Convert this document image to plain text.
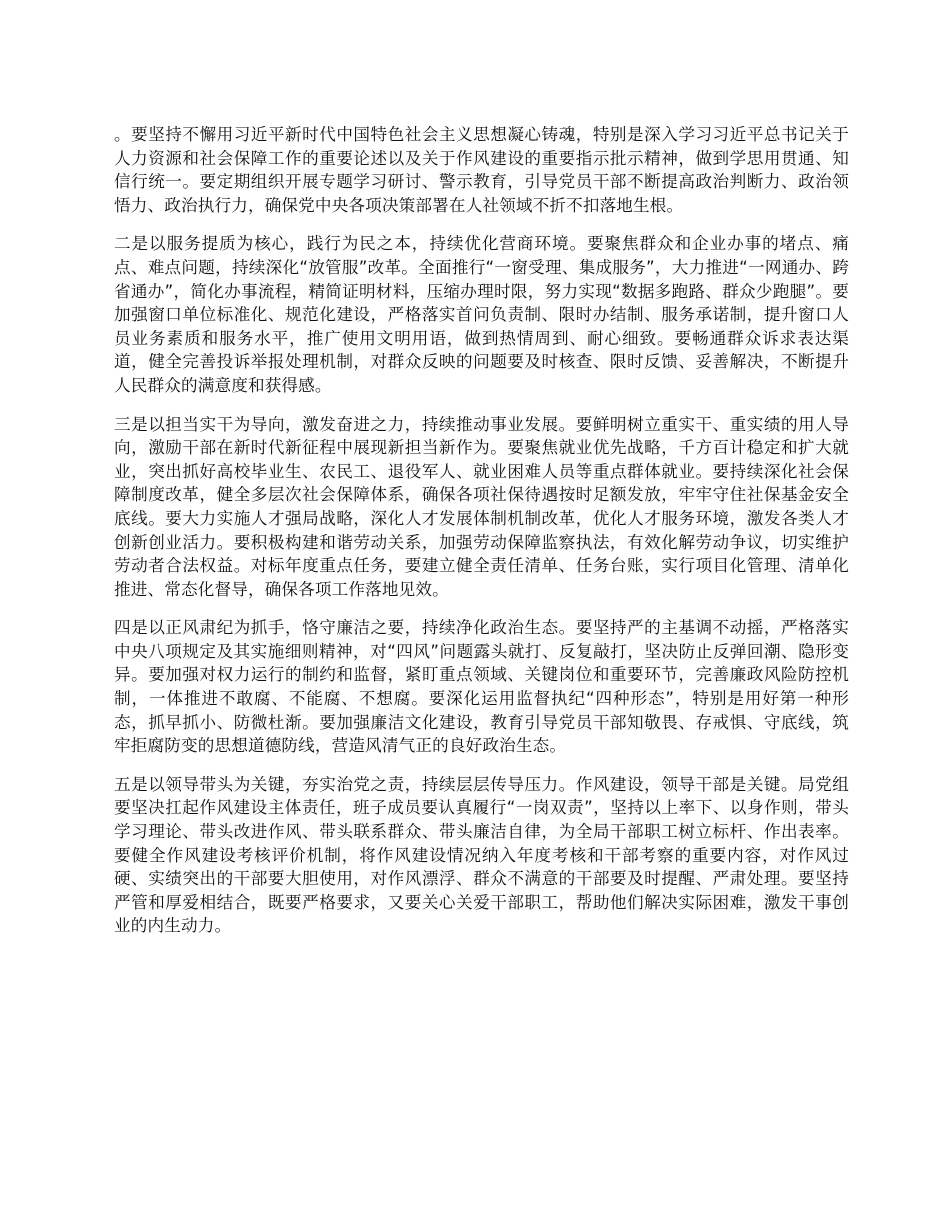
。要坚持不懈用习近平新时代中国特色社会主义思想凝心铸魂，特别是深入学习习近平总书记关于人力资源和社会保障工作的重要论述以及关于作风建设的重要指示批示精神，做到学思用贯通、知信行统一。要定期组织开展专题学习研讨、警示教育，引导党员干部不断提高政治判断力、政治领悟力、政治执行力，确保党中央各项决策部署在人社领域不折不扣落地生根。

二是以服务提质为核心，践行为民之本，持续优化营商环境。要聚焦群众和企业办事的堵点、痛点、难点问题，持续深化“放管服”改革。全面推行“一窗受理、集成服务”，大力推进“一网通办、跨省通办”，简化办事流程，精简证明材料，压缩办理时限，努力实现“数据多跑路、群众少跑腿”。要加强窗口单位标准化、规范化建设，严格落实首问负责制、限时办结制、服务承诺制，提升窗口人员业务素质和服务水平，推广使用文明用语，做到热情周到、耐心细致。要畅通群众诉求表达渠道，健全完善投诉举报处理机制，对群众反映的问题要及时核查、限时反馈、妥善解决，不断提升人民群众的满意度和获得感。

三是以担当实干为导向，激发奋进之力，持续推动事业发展。要鲜明树立重实干、重实绩的用人导向，激励干部在新时代新征程中展现新担当新作为。要聚焦就业优先战略，千方百计稳定和扩大就业，突出抓好高校毕业生、农民工、退役军人、就业困难人员等重点群体就业。要持续深化社会保障制度改革，健全多层次社会保障体系，确保各项社保待遇按时足额发放，牢牢守住社保基金安全底线。要大力实施人才强局战略，深化人才发展体制机制改革，优化人才服务环境，激发各类人才创新创业活力。要积极构建和谐劳动关系，加强劳动保障监察执法，有效化解劳动争议，切实维护劳动者合法权益。对标年度重点任务，要建立健全责任清单、任务台账，实行项目化管理、清单化推进、常态化督导，确保各项工作落地见效。

四是以正风肃纪为抓手，恪守廉洁之要，持续净化政治生态。要坚持严的主基调不动摇，严格落实中央八项规定及其实施细则精神，对“四风”问题露头就打、反复敲打，坚决防止反弹回潮、隐形变异。要加强对权力运行的制约和监督，紧盯重点领域、关键岗位和重要环节，完善廉政风险防控机制，一体推进不敢腐、不能腐、不想腐。要深化运用监督执纪“四种形态”，特别是用好第一种形态，抓早抓小、防微杜渐。要加强廉洁文化建设，教育引导党员干部知敬畏、存戒惧、守底线，筑牢拒腐防变的思想道德防线，营造风清气正的良好政治生态。

五是以领导带头为关键，夯实治党之责，持续层层传导压力。作风建设，领导干部是关键。局党组要坚决扛起作风建设主体责任，班子成员要认真履行“一岗双责”，坚持以上率下、以身作则，带头学习理论、带头改进作风、带头联系群众、带头廉洁自律，为全局干部职工树立标杆、作出表率。要健全作风建设考核评价机制，将作风建设情况纳入年度考核和干部考察的重要内容，对作风过硬、实绩突出的干部要大胆使用，对作风漂浮、群众不满意的干部要及时提醒、严肃处理。要坚持严管和厚爱相结合，既要严格要求，又要关心关爱干部职工，帮助他们解决实际困难，激发干事创业的内生动力。
